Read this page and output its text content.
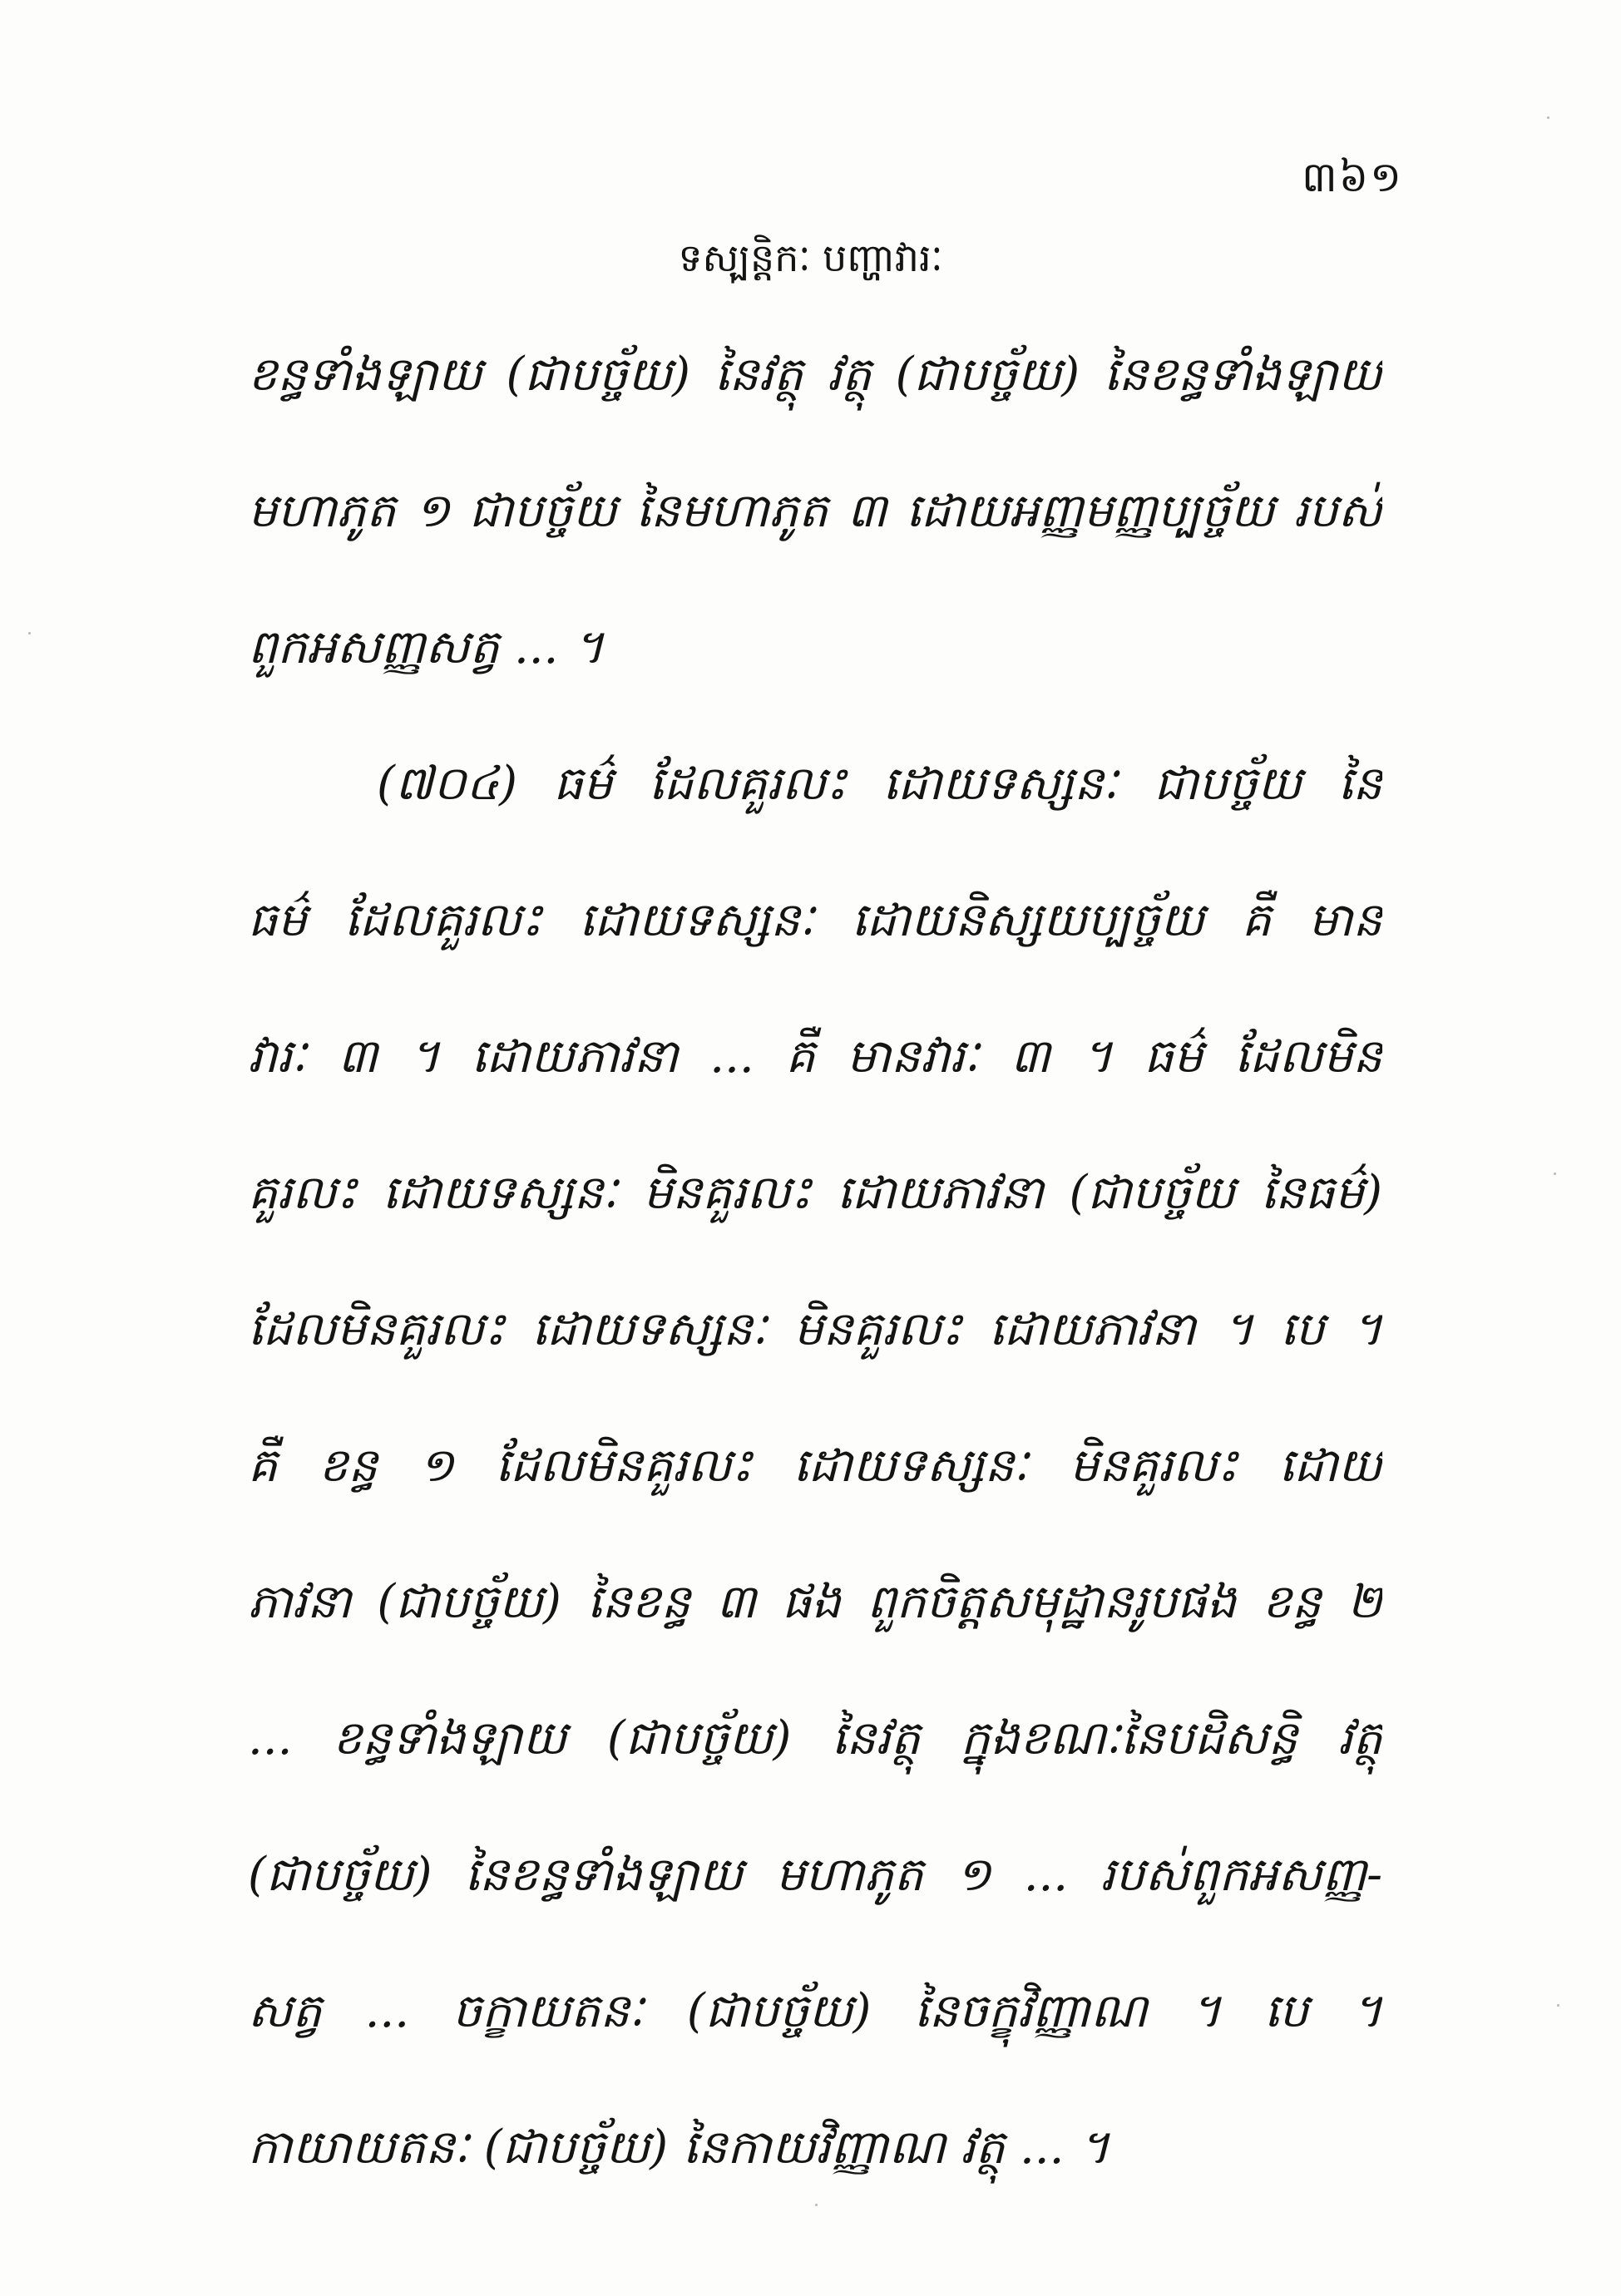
៣៦១
ទសុ្បន្តិកៈ បញ្ហាវារៈ
ខន្ធទាំងឡាយ (ជាបច្ច័យ) នៃវត្ថុ វត្ថុ (ជាបច្ច័យ) នៃខន្ធទាំងឡាយ
មហាភូត ១ ជាបច្ច័យ នៃមហាភូត ៣ ដោយអញ្ញមញ្ញប្បច្ច័យ របស់
ពួកអសញ្ញសត្វ ... ។
(៧០៤) ធម៌ ដែលគួរលះ ដោយទស្សនៈ ជាបច្ច័យ នៃ
ធម៌ ដែលគួរលះ ដោយទស្សនៈ ដោយនិស្សយប្បច្ច័យ គឺ មាន
វារៈ ៣ ។ ដោយភាវនា ... គឺ មានវារៈ ៣ ។ ធម៌ ដែលមិន
គួរលះ ដោយទស្សនៈ មិនគួរលះ ដោយភាវនា (ជាបច្ច័យ នៃធម៌)
ដែលមិនគួរលះ ដោយទស្សនៈ មិនគួរលះ ដោយភាវនា ។ បេ ។
គឺ ខន្ធ ១ ដែលមិនគួរលះ ដោយទស្សនៈ មិនគួរលះ ដោយ
ភាវនា (ជាបច្ច័យ) នៃខន្ធ ៣ ផង ពួកចិត្តសមុដ្ឋានរូបផង ខន្ធ ២
... ខន្ធទាំងឡាយ (ជាបច្ច័យ) នៃវត្ថុ ក្នុងខណៈនៃបដិសន្ធិ វត្ថុ
(ជាបច្ច័យ) នៃខន្ធទាំងឡាយ មហាភូត ១ ... របស់ពួកអសញ្ញ-
សត្វ ... ចក្ខាយតនៈ (ជាបច្ច័យ) នៃចក្ខុវិញ្ញាណ ។ បេ ។
កាយាយតនៈ (ជាបច្ច័យ) នៃកាយវិញ្ញាណ វត្ថុ ... ។
